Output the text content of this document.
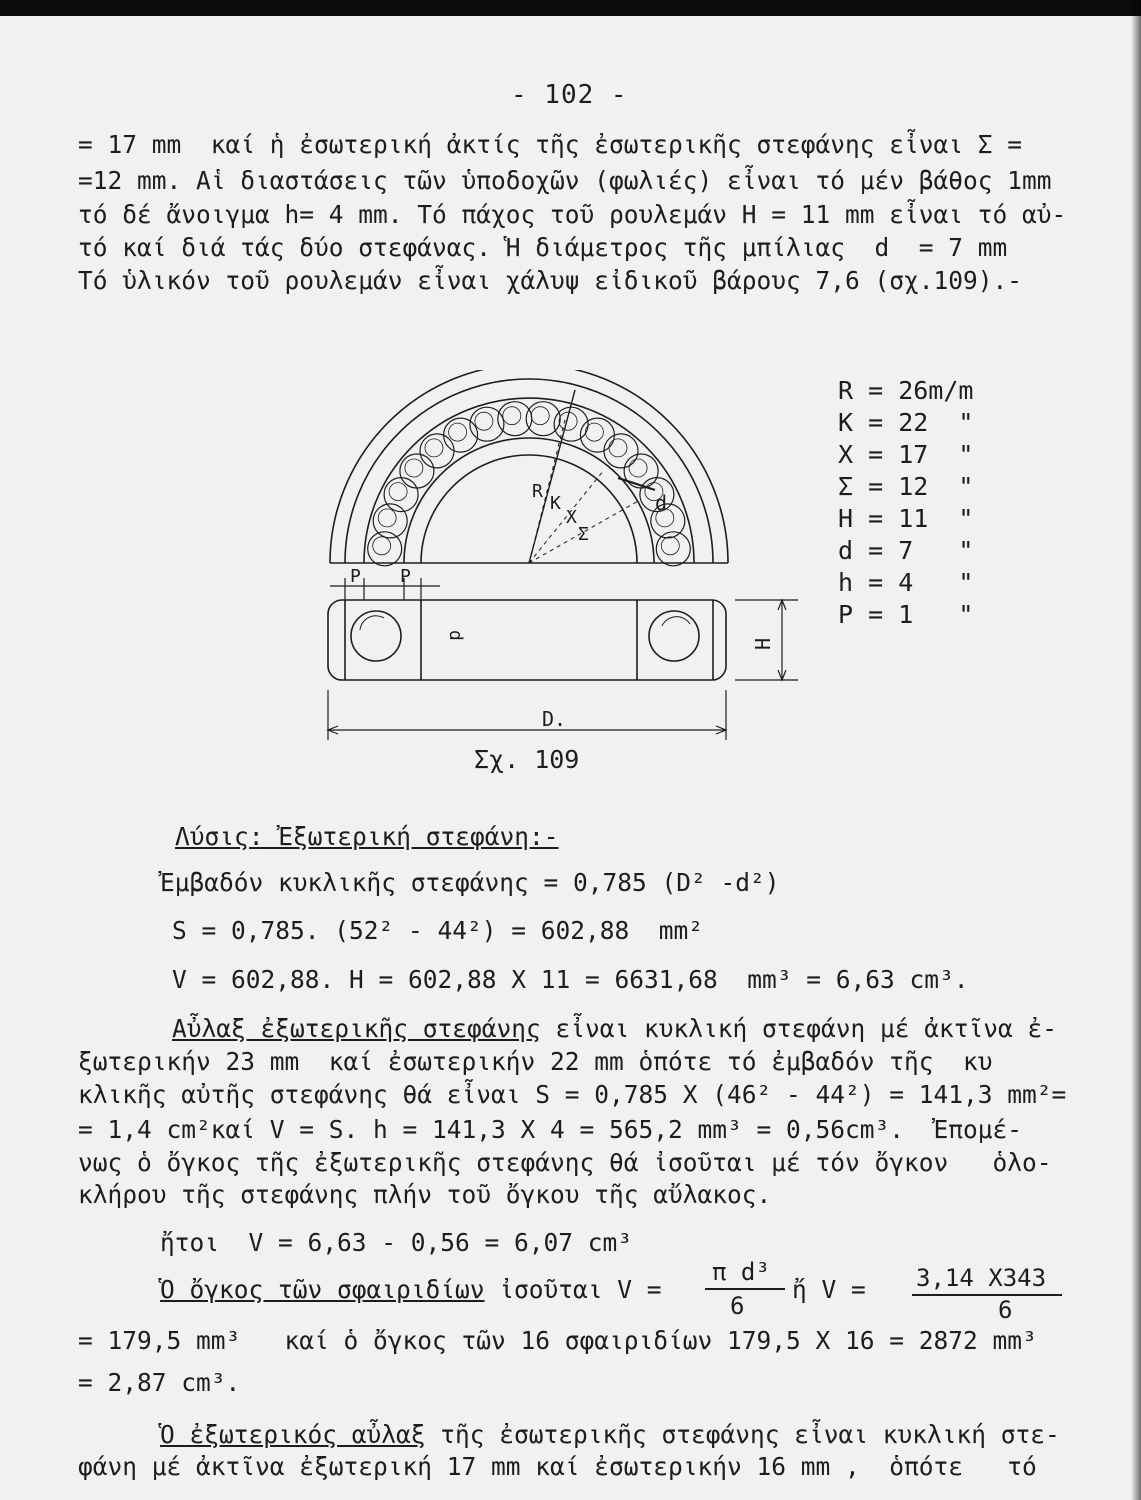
- 102 -
= 17 mm  καί ἡ ἐσωτερική ἀκτίς τῆς ἐσωτερικῆς στεφάνης εἶναι Σ =
=12 mm. Αἱ διαστάσεις τῶν ὑποδοχῶν (φωλιές) εἶναι τό μέν βάθος 1mm
τό δέ ἄνοιγμα h= 4 mm. Τό πάχος τοῦ ρουλεμάν Η = 11 mm εἶναι τό αὐ-
τό καί διά τάς δύο στεφάνας. Ἡ διάμετρος τῆς μπίλιας  d  = 7 mm
Τό ὑλικόν τοῦ ρουλεμάν εἶναι χάλυψ εἰδικοῦ βάρους 7,6 (σχ.109).-
R
K
X
Σ
d
P P
d
H
D.
Σχ. 109
R = 26m/m
K = 22  "
X = 17  "
Σ = 12  "
H = 11  "
d = 7   "
h = 4   "
P = 1   "
Λύσις: Ἐξωτερική στεφάνη:-
Ἐμβαδόν κυκλικῆς στεφάνης = 0,785 (D² -d²)
S = 0,785. (52² - 44²) = 602,88  mm²
V = 602,88. H = 602,88 X 11 = 6631,68  mm³ = 6,63 cm³.
Αὖλαξ ἐξωτερικῆς στεφάνης εἶναι κυκλική στεφάνη μέ ἀκτῖνα ἐ-
ξωτερικήν 23 mm  καί ἐσωτερικήν 22 mm ὁπότε τό ἐμβαδόν τῆς  κυ
κλικῆς αὐτῆς στεφάνης θά εἶναι S = 0,785 X (46² - 44²) = 141,3 mm²=
= 1,4 cm²καί V = S. h = 141,3 X 4 = 565,2 mm³ = 0,56cm³.  Ἐπομέ-
νως ὁ ὄγκος τῆς ἐξωτερικῆς στεφάνης θά ἰσοῦται μέ τόν ὄγκον   ὁλο-
κλήρου τῆς στεφάνης πλήν τοῦ ὄγκου τῆς αὔλακος.
ἤτοι  V = 6,63 - 0,56 = 6,07 cm³
Ὁ ὄγκος τῶν σφαιριδίων ἰσοῦται V =
π d³
6
ἤ V = 3,14 X343
6
= 179,5 mm³   καί ὁ ὄγκος τῶν 16 σφαιριδίων 179,5 X 16 = 2872 mm³
= 2,87 cm³.
Ὁ ἐξωτερικός αὖλαξ τῆς ἐσωτερικῆς στεφάνης εἶναι κυκλική στε-
φάνη μέ ἀκτῖνα ἐξωτερική 17 mm καί ἐσωτερικήν 16 mm ,  ὁπότε   τό
